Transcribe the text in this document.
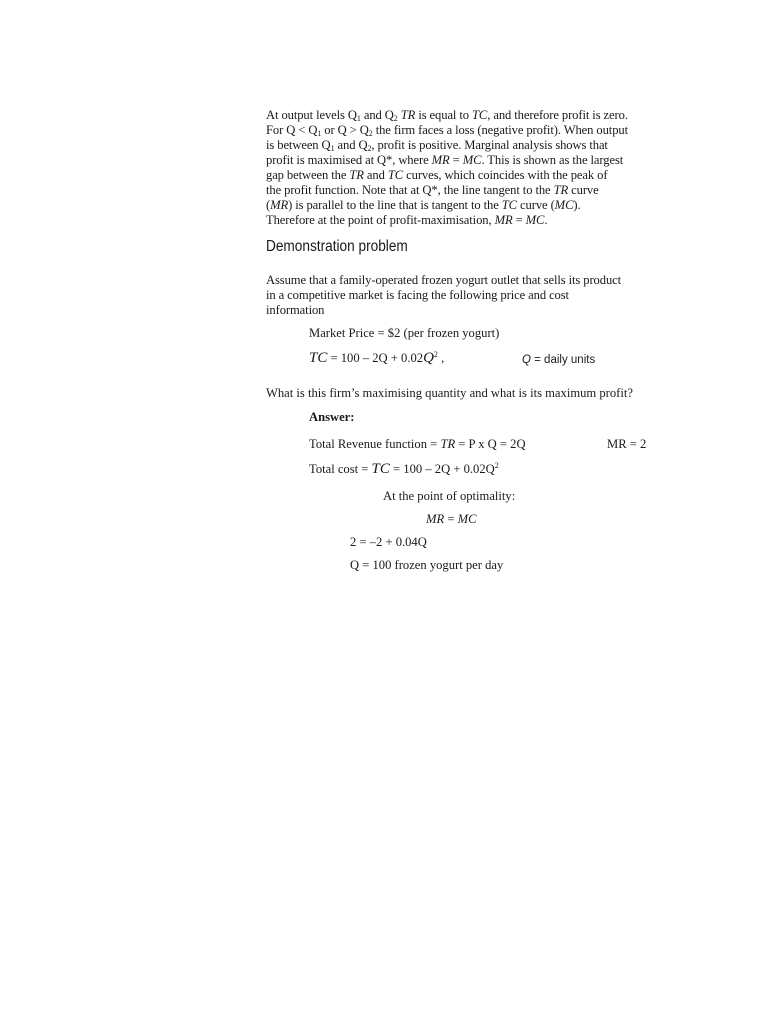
At output levels $Q_1$ and $Q_2$ TR is equal to TC, and therefore profit is zero.
For $Q < Q_1$ or $Q > Q_2$ the firm faces a loss (negative profit). When output
is between $Q_1$ and $Q_2$, profit is positive. Marginal analysis shows that
profit is maximised at Q*, where MR = MC. This is shown as the largest
gap between the TR and TC curves, which coincides with the peak of
the profit function. Note that at Q*, the line tangent to the TR curve
(MR) is parallel to the line that is tangent to the TC curve (MC).
Therefore at the point of profit-maximisation, MR = MC.
Demonstration problem
Assume that a family-operated frozen yogurt outlet that sells its product
in a competitive market is facing the following price and cost
information
Market Price = $2 (per frozen yogurt)
TC = $100 - 2Q + 0.02Q^2$ ,	Q = daily units
What is this firm’s maximising quantity and what is its maximum profit?
Answer:
Total Revenue function = TR = P x Q = 2Q	MR = 2
Total cost = TC = $100 - 2Q + 0.02Q^2$
At the point of optimality:
MR = MC
2 = –2 + 0.04Q
Q = 100 frozen yogurt per day
